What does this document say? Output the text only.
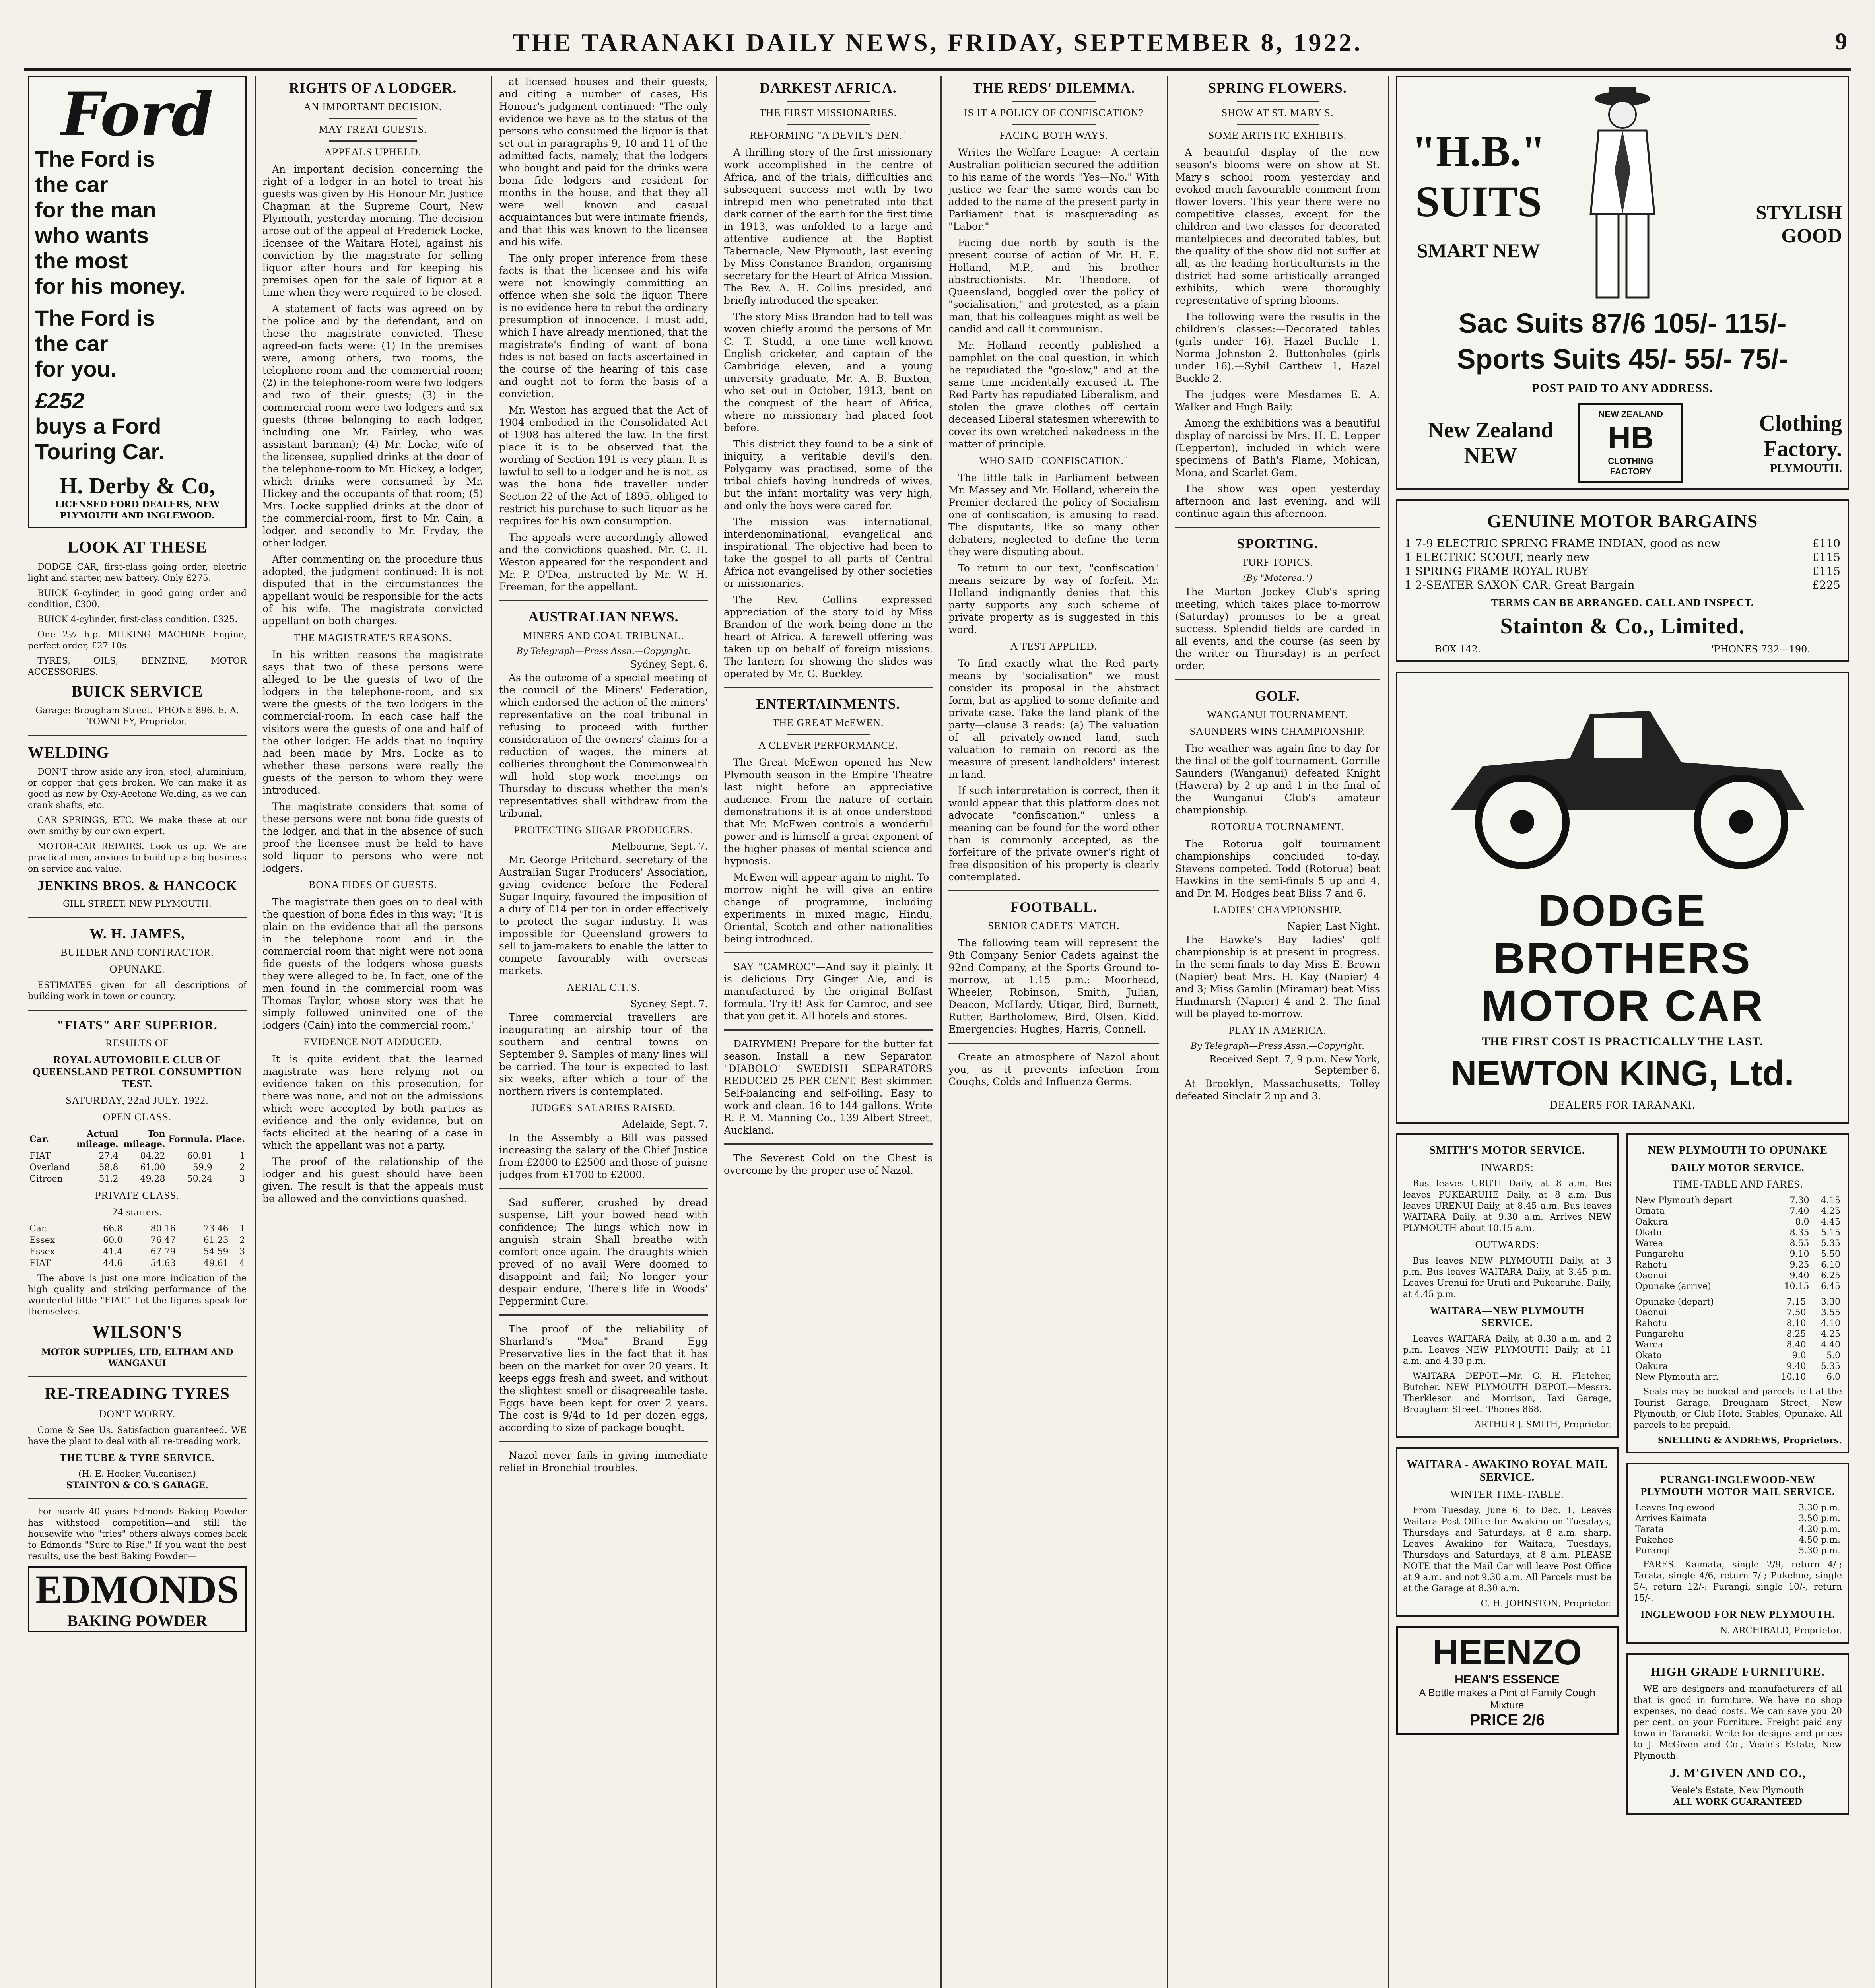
THE TARANAKI DAILY NEWS, FRIDAY, SEPTEMBER 8, 1922.	9
Ford
The Ford is
the car
for the man
who wants
the most
for his money.
The Ford is
the car
for you.
£252
buys a Ford
Touring Car.
H. Derby & Co,
LICENSED FORD DEALERS, NEW PLYMOUTH AND INGLEWOOD.
LOOK AT THESE

DODGE CAR, first-class going order, electric light and starter, new battery. Only £275.

BUICK 6-cylinder, in good going order and condition, £300.

BUICK 4-cylinder, first-class condition, £325.

One 2½ h.p. MILKING MACHINE Engine, perfect order, £27 10s.

TYRES, OILS, BENZINE, MOTOR ACCESSORIES.

BUICK SERVICE
Garage: Brougham Street. 'PHONE 896. E. A. TOWNLEY, Proprietor.
WELDING

DON'T throw aside any iron, steel, aluminium, or copper that gets broken. We can make it as good as new by Oxy-Acetone Welding, as we can crank shafts, etc.

CAR SPRINGS, ETC. We make these at our own smithy by our own expert.

MOTOR-CAR REPAIRS. Look us up. We are practical men, anxious to build up a big business on service and value.

JENKINS BROS. & HANCOCK
GILL STREET, NEW PLYMOUTH.
W. H. JAMES,
BUILDER AND CONTRACTOR.
OPUNAKE.

ESTIMATES given for all descriptions of building work in town or country.

"FIATS" ARE SUPERIOR.
RESULTS OF
ROYAL AUTOMOBILE CLUB OF QUEENSLAND PETROL CONSUMPTION TEST.
SATURDAY, 22nd JULY, 1922.
OPEN CLASS.
Car.	Actual mileage.	Ton mileage.	Formula.	Place.
FIAT	27.4	84.22	60.81	1
Overland	58.8	61.00	59.9	2
Citroen	51.2	49.28	50.24	3
PRIVATE CLASS.
24 starters.
Car.	66.8	80.16	73.46	1
Essex	60.0	76.47	61.23	2
Essex	41.4	67.79	54.59	3
FIAT	44.6	54.63	49.61	4

The above is just one more indication of the high quality and striking performance of the wonderful little "FIAT." Let the figures speak for themselves.

WILSON'S
MOTOR SUPPLIES, LTD, ELTHAM AND WANGANUI
RE-TREADING TYRES
DON'T WORRY.

Come & See Us. Satisfaction guaranteed. WE have the plant to deal with all re-treading work.

THE TUBE & TYRE SERVICE.
(H. E. Hooker, Vulcaniser.)
STAINTON & CO.'S GARAGE.

For nearly 40 years Edmonds Baking Powder has withstood competition—and still the housewife who "tries" others always comes back to Edmonds "Sure to Rise." If you want the best results, use the best Baking Powder—

EDMONDS
BAKING POWDER
RIGHTS OF A LODGER.
AN IMPORTANT DECISION.
MAY TREAT GUESTS.
APPEALS UPHELD.

An important decision concerning the right of a lodger in an hotel to treat his guests was given by His Honour Mr. Justice Chapman at the Supreme Court, New Plymouth, yesterday morning. The decision arose out of the appeal of Frederick Locke, licensee of the Waitara Hotel, against his conviction by the magistrate for selling liquor after hours and for keeping his premises open for the sale of liquor at a time when they were required to be closed.

A statement of facts was agreed on by the police and by the defendant, and on these the magistrate convicted. These agreed-on facts were: (1) In the premises were, among others, two rooms, the telephone-room and the commercial-room; (2) in the telephone-room were two lodgers and two of their guests; (3) in the commercial-room were two lodgers and six guests (three belonging to each lodger, including one Mr. Fairley, who was assistant barman); (4) Mr. Locke, wife of the licensee, supplied drinks at the door of the telephone-room to Mr. Hickey, a lodger, which drinks were consumed by Mr. Hickey and the occupants of that room; (5) Mrs. Locke supplied drinks at the door of the commercial-room, first to Mr. Cain, a lodger, and secondly to Mr. Fryday, the other lodger.

After commenting on the procedure thus adopted, the judgment continued: It is not disputed that in the circumstances the appellant would be responsible for the acts of his wife. The magistrate convicted appellant on both charges.

THE MAGISTRATE'S REASONS.

In his written reasons the magistrate says that two of these persons were alleged to be the guests of two of the lodgers in the telephone-room, and six were the guests of the two lodgers in the commercial-room. In each case half the visitors were the guests of one and half of the other lodger. He adds that no inquiry had been made by Mrs. Locke as to whether these persons were really the guests of the person to whom they were introduced.

The magistrate considers that some of these persons were not bona fide guests of the lodger, and that in the absence of such proof the licensee must be held to have sold liquor to persons who were not lodgers.

BONA FIDES OF GUESTS.

The magistrate then goes on to deal with the question of bona fides in this way: "It is plain on the evidence that all the persons in the telephone room and in the commercial room that night were not bona fide guests of the lodgers whose guests they were alleged to be. In fact, one of the men found in the commercial room was Thomas Taylor, whose story was that he simply followed uninvited one of the lodgers (Cain) into the commercial room."

EVIDENCE NOT ADDUCED.

It is quite evident that the learned magistrate was here relying not on evidence taken on this prosecution, for there was none, and not on the admissions which were accepted by both parties as evidence and the only evidence, but on facts elicited at the hearing of a case in which the appellant was not a party.

The proof of the relationship of the lodger and his guest should have been given. The result is that the appeals must be allowed and the convictions quashed.

at licensed houses and their guests, and citing a number of cases, His Honour's judgment continued: "The only evidence we have as to the status of the persons who consumed the liquor is that set out in paragraphs 9, 10 and 11 of the admitted facts, namely, that the lodgers who bought and paid for the drinks were bona fide lodgers and resident for months in the house, and that they all were well known and casual acquaintances but were intimate friends, and that this was known to the licensee and his wife.

The only proper inference from these facts is that the licensee and his wife were not knowingly committing an offence when she sold the liquor. There is no evidence here to rebut the ordinary presumption of innocence. I must add, which I have already mentioned, that the magistrate's finding of want of bona fides is not based on facts ascertained in the course of the hearing of this case and ought not to form the basis of a conviction.

Mr. Weston has argued that the Act of 1904 embodied in the Consolidated Act of 1908 has altered the law. In the first place it is to be observed that the wording of Section 191 is very plain. It is lawful to sell to a lodger and he is not, as was the bona fide traveller under Section 22 of the Act of 1895, obliged to restrict his purchase to such liquor as he requires for his own consumption.

The appeals were accordingly allowed and the convictions quashed. Mr. C. H. Weston appeared for the respondent and Mr. P. O'Dea, instructed by Mr. W. H. Freeman, for the appellant.

AUSTRALIAN NEWS.
MINERS AND COAL TRIBUNAL.
By Telegraph—Press Assn.—Copyright.
Sydney, Sept. 6.

As the outcome of a special meeting of the council of the Miners' Federation, which endorsed the action of the miners' representative on the coal tribunal in refusing to proceed with further consideration of the owners' claims for a reduction of wages, the miners at collieries throughout the Commonwealth will hold stop-work meetings on Thursday to discuss whether the men's representatives shall withdraw from the tribunal.

PROTECTING SUGAR PRODUCERS.
Melbourne, Sept. 7.

Mr. George Pritchard, secretary of the Australian Sugar Producers' Association, giving evidence before the Federal Sugar Inquiry, favoured the imposition of a duty of £14 per ton in order effectively to protect the sugar industry. It was impossible for Queensland growers to sell to jam-makers to enable the latter to compete favourably with overseas markets.

AERIAL C.T.'S.
Sydney, Sept. 7.

Three commercial travellers are inaugurating an airship tour of the southern and central towns on September 9. Samples of many lines will be carried. The tour is expected to last six weeks, after which a tour of the northern rivers is contemplated.

JUDGES' SALARIES RAISED.
Adelaide, Sept. 7.

In the Assembly a Bill was passed increasing the salary of the Chief Justice from £2000 to £2500 and those of puisne judges from £1700 to £2000.

Sad sufferer, crushed by dread suspense, Lift your bowed head with confidence; The lungs which now in anguish strain Shall breathe with comfort once again. The draughts which proved of no avail Were doomed to disappoint and fail; No longer your despair endure, There's life in Woods' Peppermint Cure.

The proof of the reliability of Sharland's "Moa" Brand Egg Preservative lies in the fact that it has been on the market for over 20 years. It keeps eggs fresh and sweet, and without the slightest smell or disagreeable taste. Eggs have been kept for over 2 years. The cost is 9/4d to 1d per dozen eggs, according to size of package bought.

Nazol never fails in giving immediate relief in Bronchial troubles.

DARKEST AFRICA.
THE FIRST MISSIONARIES.
REFORMING "A DEVIL'S DEN."

A thrilling story of the first missionary work accomplished in the centre of Africa, and of the trials, difficulties and subsequent success met with by two intrepid men who penetrated into that dark corner of the earth for the first time in 1913, was unfolded to a large and attentive audience at the Baptist Tabernacle, New Plymouth, last evening by Miss Constance Brandon, organising secretary for the Heart of Africa Mission. The Rev. A. H. Collins presided, and briefly introduced the speaker.

The story Miss Brandon had to tell was woven chiefly around the persons of Mr. C. T. Studd, a one-time well-known English cricketer, and captain of the Cambridge eleven, and a young university graduate, Mr. A. B. Buxton, who set out in October, 1913, bent on the conquest of the heart of Africa, where no missionary had placed foot before.

This district they found to be a sink of iniquity, a veritable devil's den. Polygamy was practised, some of the tribal chiefs having hundreds of wives, but the infant mortality was very high, and only the boys were cared for.

The mission was international, interdenominational, evangelical and inspirational. The objective had been to take the gospel to all parts of Central Africa not evangelised by other societies or missionaries.

The Rev. Collins expressed appreciation of the story told by Miss Brandon of the work being done in the heart of Africa. A farewell offering was taken up on behalf of foreign missions. The lantern for showing the slides was operated by Mr. G. Buckley.

ENTERTAINMENTS.
THE GREAT McEWEN.
A CLEVER PERFORMANCE.

The Great McEwen opened his New Plymouth season in the Empire Theatre last night before an appreciative audience. From the nature of certain demonstrations it is at once understood that Mr. McEwen controls a wonderful power and is himself a great exponent of the higher phases of mental science and hypnosis.

McEwen will appear again to-night. To-morrow night he will give an entire change of programme, including experiments in mixed magic, Hindu, Oriental, Scotch and other nationalities being introduced.

SAY "CAMROC"—And say it plainly. It is delicious Dry Ginger Ale, and is manufactured by the original Belfast formula. Try it! Ask for Camroc, and see that you get it. All hotels and stores.

DAIRYMEN! Prepare for the butter fat season. Install a new Separator. "DIABOLO" SWEDISH SEPARATORS REDUCED 25 PER CENT. Best skimmer. Self-balancing and self-oiling. Easy to work and clean. 16 to 144 gallons. Write R. P. M. Manning Co., 139 Albert Street, Auckland.

The Severest Cold on the Chest is overcome by the proper use of Nazol.

THE REDS' DILEMMA.
IS IT A POLICY OF CONFISCATION?
FACING BOTH WAYS.

Writes the Welfare League:—A certain Australian politician secured the addition to his name of the words "Yes—No." With justice we fear the same words can be added to the name of the present party in Parliament that is masquerading as "Labor."

Facing due north by south is the present course of action of Mr. H. E. Holland, M.P., and his brother abstractionists. Mr. Theodore, of Queensland, boggled over the policy of "socialisation," and protested, as a plain man, that his colleagues might as well be candid and call it communism.

Mr. Holland recently published a pamphlet on the coal question, in which he repudiated the "go-slow," and at the same time incidentally excused it. The Red Party has repudiated Liberalism, and stolen the grave clothes off certain deceased Liberal statesmen wherewith to cover its own wretched nakedness in the matter of principle.

WHO SAID "CONFISCATION."

The little talk in Parliament between Mr. Massey and Mr. Holland, wherein the Premier declared the policy of Socialism one of confiscation, is amusing to read. The disputants, like so many other debaters, neglected to define the term they were disputing about.

To return to our text, "confiscation" means seizure by way of forfeit. Mr. Holland indignantly denies that this party supports any such scheme of private property as is suggested in this word.

A TEST APPLIED.

To find exactly what the Red party means by "socialisation" we must consider its proposal in the abstract form, but as applied to some definite and private case. Take the land plank of the party—clause 3 reads: (a) The valuation of all privately-owned land, such valuation to remain on record as the measure of present landholders' interest in land.

If such interpretation is correct, then it would appear that this platform does not advocate "confiscation," unless a meaning can be found for the word other than is commonly accepted, as the forfeiture of the private owner's right of free disposition of his property is clearly contemplated.

FOOTBALL.
SENIOR CADETS' MATCH.

The following team will represent the 9th Company Senior Cadets against the 92nd Company, at the Sports Ground to-morrow, at 1.15 p.m.: Moorhead, Wheeler, Robinson, Smith, Julian, Deacon, McHardy, Utiger, Bird, Burnett, Rutter, Bartholomew, Bird, Olsen, Kidd. Emergencies: Hughes, Harris, Connell.

Create an atmosphere of Nazol about you, as it prevents infection from Coughs, Colds and Influenza Germs.

SPRING FLOWERS.
SHOW AT ST. MARY'S.
SOME ARTISTIC EXHIBITS.

A beautiful display of the new season's blooms were on show at St. Mary's school room yesterday and evoked much favourable comment from flower lovers. This year there were no competitive classes, except for the children and two classes for decorated mantelpieces and decorated tables, but the quality of the show did not suffer at all, as the leading horticulturists in the district had some artistically arranged exhibits, which were thoroughly representative of spring blooms.

The following were the results in the children's classes:—Decorated tables (girls under 16).—Hazel Buckle 1, Norma Johnston 2. Buttonholes (girls under 16).—Sybil Carthew 1, Hazel Buckle 2.

The judges were Mesdames E. A. Walker and Hugh Baily.

Among the exhibitions was a beautiful display of narcissi by Mrs. H. E. Lepper (Lepperton), included in which were specimens of Bath's Flame, Mohican, Mona, and Scarlet Gem.

The show was open yesterday afternoon and last evening, and will continue again this afternoon.

SPORTING.
TURF TOPICS.
(By "Motorea.")

The Marton Jockey Club's spring meeting, which takes place to-morrow (Saturday) promises to be a great success. Splendid fields are carded in all events, and the course (as seen by the writer on Thursday) is in perfect order.

GOLF.
WANGANUI TOURNAMENT.
SAUNDERS WINS CHAMPIONSHIP.

The weather was again fine to-day for the final of the golf tournament. Gorrille Saunders (Wanganui) defeated Knight (Hawera) by 2 up and 1 in the final of the Wanganui Club's amateur championship.

ROTORUA TOURNAMENT.

The Rotorua golf tournament championships concluded to-day. Stevens competed. Todd (Rotorua) beat Hawkins in the semi-finals 5 up and 4, and Dr. M. Hodges beat Bliss 7 and 6.

LADIES' CHAMPIONSHIP.
Napier, Last Night.

The Hawke's Bay ladies' golf championship is at present in progress. In the semi-finals to-day Miss E. Brown (Napier) beat Mrs. H. Kay (Napier) 4 and 3; Miss Gamlin (Miramar) beat Miss Hindmarsh (Napier) 4 and 2. The final will be played to-morrow.

PLAY IN AMERICA.
By Telegraph—Press Assn.—Copyright.
Received Sept. 7, 9 p.m. New York, September 6.

At Brooklyn, Massachusetts, Tolley defeated Sinclair 2 up and 3.

"H.B." SUITS
SMART NEW
STYLISH GOOD
Sac Suits 87/6 105/- 115/-
Sports Suits 45/- 55/- 75/-
POST PAID TO ANY ADDRESS.
New Zealand NEW
NEW ZEALAND
HB
CLOTHING FACTORY
Clothing Factory.
PLYMOUTH.
GENUINE MOTOR BARGAINS
1 7-9 ELECTRIC SPRING FRAME INDIAN, good as new	£110
1 ELECTRIC SCOUT, nearly new	£115
1 SPRING FRAME ROYAL RUBY	£115
1 2-SEATER SAXON CAR, Great Bargain	£225
TERMS CAN BE ARRANGED. CALL AND INSPECT.
Stainton & Co., Limited.
BOX 142.	'PHONES 732—190.
DODGE BROTHERS
MOTOR CAR
THE FIRST COST IS PRACTICALLY THE LAST.
NEWTON KING, Ltd.
DEALERS FOR TARANAKI.
SMITH'S MOTOR SERVICE.
INWARDS:

Bus leaves URUTI Daily, at 8 a.m. Bus leaves PUKEARUHE Daily, at 8 a.m. Bus leaves URENUI Daily, at 8.45 a.m. Bus leaves WAITARA Daily, at 9.30 a.m. Arrives NEW PLYMOUTH about 10.15 a.m.

OUTWARDS:

Bus leaves NEW PLYMOUTH Daily, at 3 p.m. Bus leaves WAITARA Daily, at 3.45 p.m. Leaves Urenui for Uruti and Pukearuhe, Daily, at 4.45 p.m.

WAITARA—NEW PLYMOUTH SERVICE.

Leaves WAITARA Daily, at 8.30 a.m. and 2 p.m. Leaves NEW PLYMOUTH Daily, at 11 a.m. and 4.30 p.m.

WAITARA DEPOT.—Mr. G. H. Fletcher, Butcher. NEW PLYMOUTH DEPOT.—Messrs. Therkleson and Morrison, Taxi Garage, Brougham Street. 'Phones 868.

ARTHUR J. SMITH, Proprietor.
WAITARA - AWAKINO ROYAL MAIL SERVICE.
WINTER TIME-TABLE.

From Tuesday, June 6, to Dec. 1. Leaves Waitara Post Office for Awakino on Tuesdays, Thursdays and Saturdays, at 8 a.m. sharp. Leaves Awakino for Waitara, Tuesdays, Thursdays and Saturdays, at 8 a.m. PLEASE NOTE that the Mail Car will leave Post Office at 9 a.m. and not 9.30 a.m. All Parcels must be at the Garage at 8.30 a.m.

C. H. JOHNSTON, Proprietor.
HEENZO
HEAN'S ESSENCE
A Bottle makes a Pint of Family Cough Mixture
PRICE 2/6
NEW PLYMOUTH TO OPUNAKE
DAILY MOTOR SERVICE.
TIME-TABLE AND FARES.
New Plymouth depart	7.30	4.15
Omata	7.40	4.25
Oakura	8.0	4.45
Okato	8.35	5.15
Warea	8.55	5.35
Pungarehu	9.10	5.50
Rahotu	9.25	6.10
Oaonui	9.40	6.25
Opunake (arrive)	10.15	6.45
Opunake (depart)	7.15	3.30
Oaonui	7.50	3.55
Rahotu	8.10	4.10
Pungarehu	8.25	4.25
Warea	8.40	4.40
Okato	9.0	5.0
Oakura	9.40	5.35
New Plymouth arr.	10.10	6.0

Seats may be booked and parcels left at the Tourist Garage, Brougham Street, New Plymouth, or Club Hotel Stables, Opunake. All parcels to be prepaid.

SNELLING & ANDREWS, Proprietors.
PURANGI-INGLEWOOD-NEW PLYMOUTH MOTOR MAIL SERVICE.
Leaves Inglewood	3.30 p.m.
Arrives Kaimata	3.50 p.m.
Tarata	4.20 p.m.
Pukehoe	4.50 p.m.
Purangi	5.30 p.m.

FARES.—Kaimata, single 2/9, return 4/-; Tarata, single 4/6, return 7/-; Pukehoe, single 5/-, return 12/-; Purangi, single 10/-, return 15/-.

INGLEWOOD FOR NEW PLYMOUTH.
N. ARCHIBALD, Proprietor.
HIGH GRADE FURNITURE.

WE are designers and manufacturers of all that is good in furniture. We have no shop expenses, no dead costs. We can save you 20 per cent. on your Furniture. Freight paid any town in Taranaki. Write for designs and prices to J. McGiven and Co., Veale's Estate, New Plymouth.

J. M'GIVEN AND CO.,
Veale's Estate, New Plymouth
ALL WORK GUARANTEED
